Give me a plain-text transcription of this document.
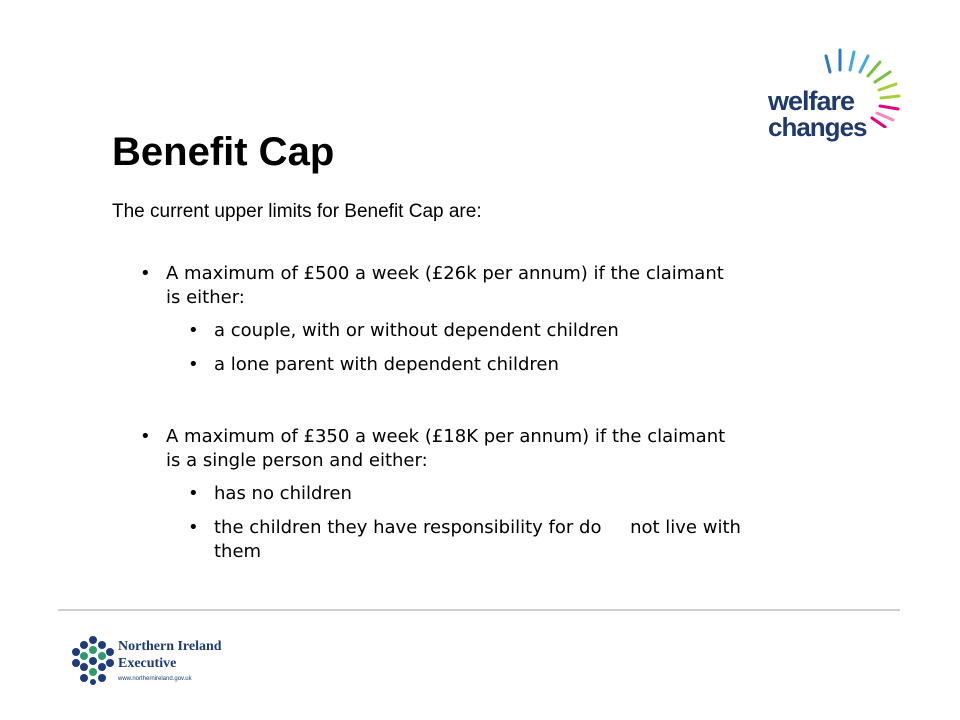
welfare
changes
Benefit Cap

The current upper limits for Benefit Cap are:

• A maximum of £500 a week (£26k per annum) if the claimant
is either:
• a couple, with or without dependent children
• a lone parent with dependent children
• A maximum of £350 a week (£18K per annum) if the claimant
is a single person and either:
• has no children
• the children they have responsibility for do     not live with
them
Northern Ireland
Executive
www.northernireland.gov.uk
